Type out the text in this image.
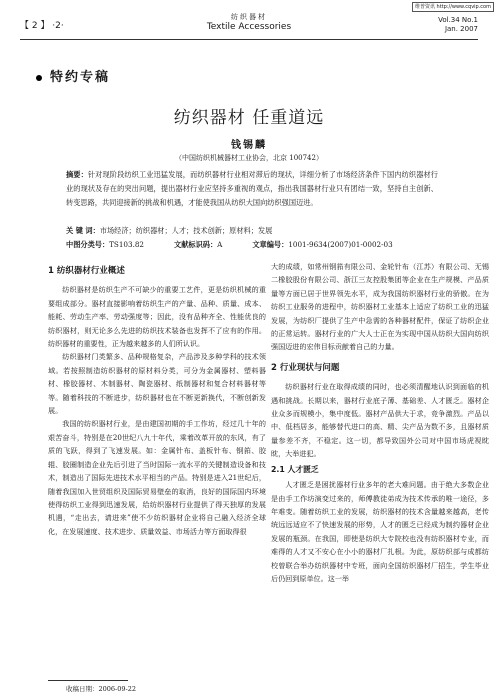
维普资讯 http://www.cqvip.com
【 2 】 ·2·
纺织器材
Textile Accessories
Vol.34 No.1
Jan. 2007
特约专稿
纺织器材 任重道远
钱锡麟
（中国纺织机械器材工业协会，北京 100742）
摘要：针对现阶段纺织工业迅猛发展，而纺织器材行业相对滞后的现状，详细分析了市场经济条件下国内纺织器材行业的现状及存在的突出问题，提出器材行业应坚持多重视的观点，指出我国器材行业只有团结一致，坚持自主创新、转变思路，共同迎接新的挑战和机遇，才能使我国从纺织大国向纺织强国迈进。
关 键 词：市场经济；纺织器材；人才；技术创新；原材料；发展
中图分类号：TS103.82	文献标识码：A	文章编号：1001-9634(2007)01-0002-03
1 纺织器材行业概述

纺织器材是纺织生产不可缺少的重要工艺件，更是纺织机械的重要组成部分。器材直接影响着纺织生产的产量、品种、质量、成本、能耗、劳动生产率、劳动强度等；因此，没有品种齐全、性能优良的纺织器材，则无论多么先进的纺织技术装备也发挥不了应有的作用。纺织器材的重要性，正为越来越多的人们所认识。

纺织器材门类繁多、品种规格复杂，产品涉及多种学科的技术领域。若按照制造纺织器材的原材料分类，可分为金属器材、塑料器材、橡胶器材、木制器材、陶瓷器材、纸制器材和复合材料器材等等。随着科技的不断进步，纺织器材也在不断更新换代，不断创新发展。

我国的纺织器材行业，是由建国初期的手工作坊，经过几十年的艰苦奋斗，特别是在20世纪八九十年代，乘着改革开放的东风，有了质的飞跃，得到了飞速发展。如：金属针布、盖板针布、钢筘、胶辊、胶圈制造企业先后引进了当时国际一流水平的关键制造设备和技术，制造出了国际先进技术水平相当的产品。特别是进入21世纪后，随着我国加入世贸组织及国际贸易壁垒的取消，良好的国际国内环境使得纺织工业得到迅速发展，给纺织器材行业提供了得天独厚的发展机遇，“走出去，请进来”使不少纺织器材企业将自己融入经济全球化，在发展速度、技术进步、质量效益、市场活力等方面取得很

大的成绩，如常州钢筘有限公司、金轮针布（江苏）有限公司、无锡二橡胶股份有限公司、浙江三友控股集团等企业在生产规模、产品质量等方面已居于世界领先水平，成为我国纺织器材行业的骄傲。在为纺织工业服务的进程中，纺织器材工业基本上适应了纺织工业的迅猛发展，为纺织厂提供了生产中急需的各种器材配件，保证了纺织企业的正常运转。器材行业的广大人士正在为实现中国从纺织大国向纺织强国迈进的宏伟目标贡献着自己的力量。

2 行业现状与问题

纺织器材行业在取得成绩的同时，也必须清醒地认识到面临的机遇和挑战。长期以来，器材行业底子薄、基础差、人才匮乏。器材企业众多而规模小，集中度低。器材产品供大于求，竞争激烈。产品以中、低档居多，能够替代进口的高、精、尖产品为数不多，且器材质量参差不齐，不稳定。这一切，都导致国外公司对中国市场虎视眈眈，大举进犯。

2.1 人才匮乏

人才匮乏是困扰器材行业多年的老大难问题。由于绝大多数企业是由手工作坊演变过来的，师傅教徒弟成为技术传承的唯一途径，多年难变。随着纺织工业的发展，纺织器材的技术含量越来越高，老传统远远适应不了快速发展的形势，人才的匮乏已经成为制约器材企业发展的瓶颈。在我国，即使是纺织大专院校也没有纺织器材专业，而难得的人才又不安心在小小的器材厂扎根。为此，原纺织部与成都纺校曾联合举办纺织器材中专班，面向全国纺织器材厂招生，学生毕业后仍回到原单位。这一举

收稿日期：2006-09-22
